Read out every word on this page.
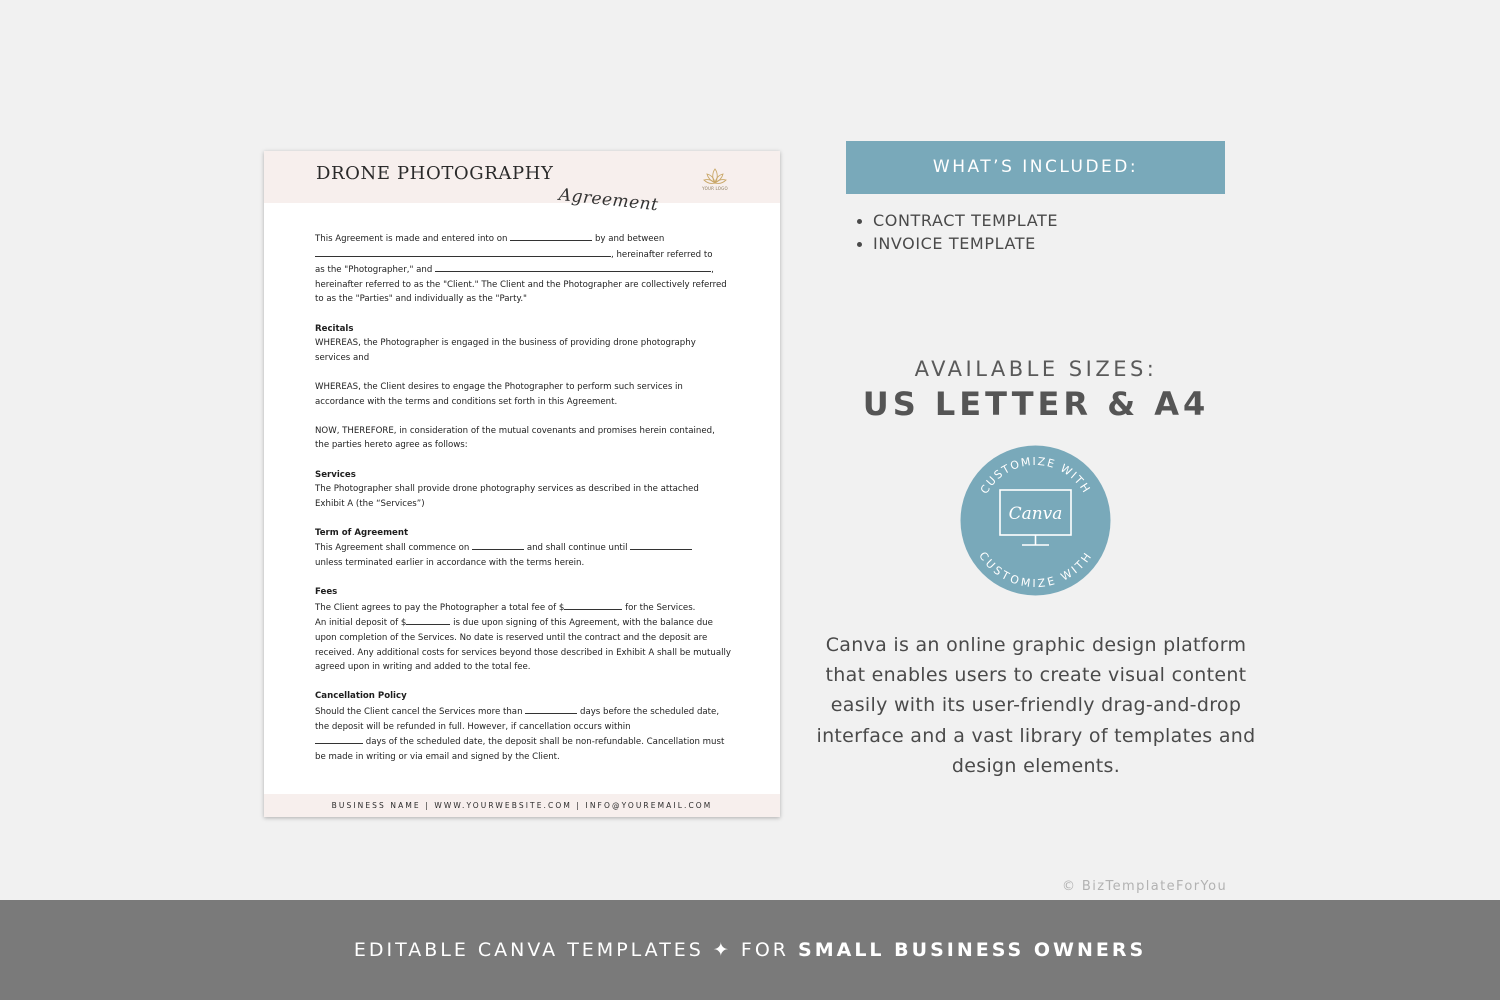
DRONE PHOTOGRAPHY
Agreement	YOUR LOGO

This Agreement is made and entered into on	by and between
, hereinafter referred to
as the "Photographer," and	,
hereinafter referred to as the "Client." The Client and the Photographer are collectively referred to as the "Parties" and individually as the "Party."

Recitals
WHEREAS, the Photographer is engaged in the business of providing drone photography services and

WHEREAS, the Client desires to engage the Photographer to perform such services in accordance with the terms and conditions set forth in this Agreement.

NOW, THEREFORE, in consideration of the mutual covenants and promises herein contained, the parties hereto agree as follows:

Services
The Photographer shall provide drone photography services as described in the attached Exhibit A (the “Services”)

Term of Agreement
This Agreement shall commence on	and shall continue until
unless terminated earlier in accordance with the terms herein.

Fees
The Client agrees to pay the Photographer a total fee of $	for the Services.
An initial deposit of $	is due upon signing of this Agreement, with the balance due upon completion of the Services. No date is reserved until the contract and the deposit are received. Any additional costs for services beyond those described in Exhibit A shall be mutually agreed upon in writing and added to the total fee.

Cancellation Policy
Should the Client cancel the Services more than	days before the scheduled date, the deposit will be refunded in full. However, if cancellation occurs within
days of the scheduled date, the deposit shall be non-refundable. Cancellation must be made in writing or via email and signed by the Client.

BUSINESS NAME | WWW.YOURWEBSITE.COM | INFO@YOUREMAIL.COM
WHAT’S INCLUDED:
CONTRACT TEMPLATE
INVOICE TEMPLATE
AVAILABLE SIZES:
US LETTER & A4
CUSTOMIZE WITH
CUSTOMIZE WITH
Canva
Canva is an online graphic design platform that enables users to create visual content easily with its user-friendly drag-and-drop interface and a vast library of templates and design elements.
© BizTemplateForYou
EDITABLE CANVA TEMPLATES ✦ FOR SMALL BUSINESS OWNERS
